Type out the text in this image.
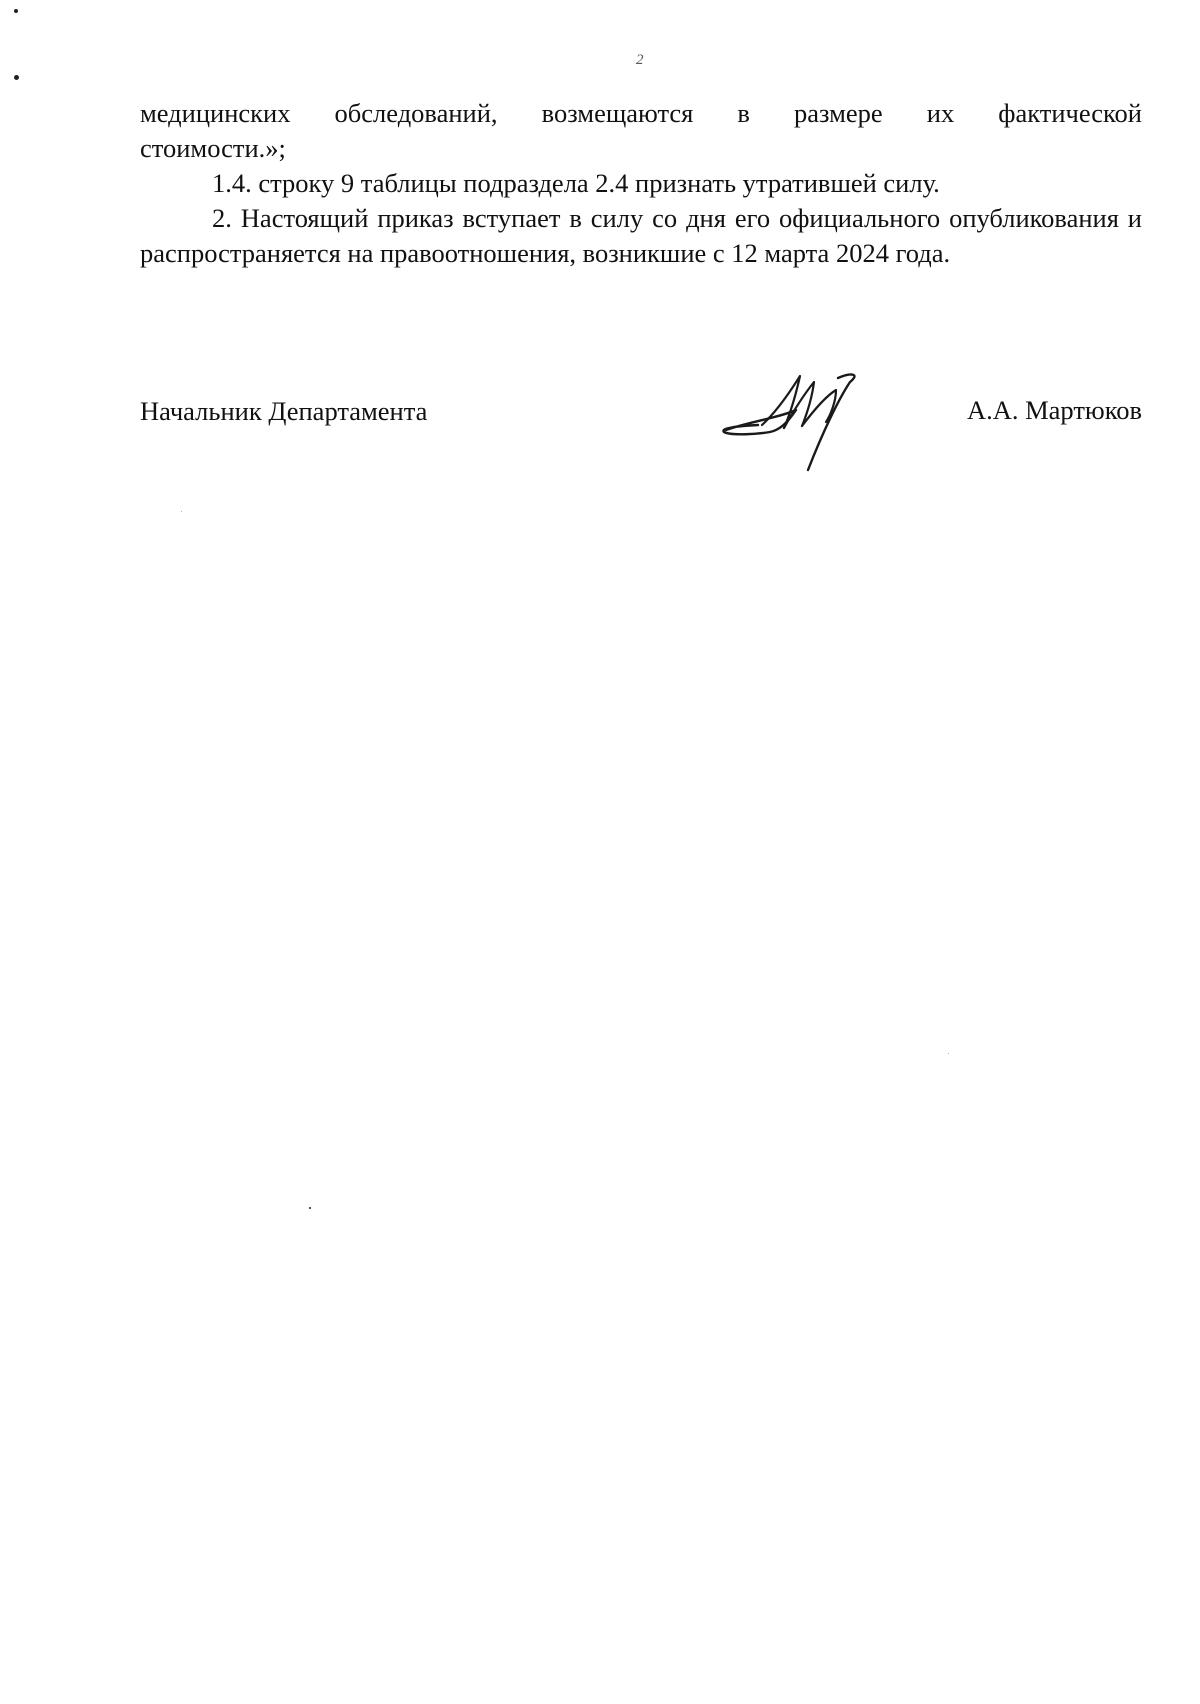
2

медицинских обследований, возмещаются в размере их фактической

стоимости.»;

1.4. строку 9 таблицы подраздела 2.4 признать утратившей силу.

2. Настоящий приказ вступает в силу со дня его официального опубликования и распространяется на правоотношения, возникшие с 12 марта 2024 года.

Начальник Департамента	А.А. Мартюков
